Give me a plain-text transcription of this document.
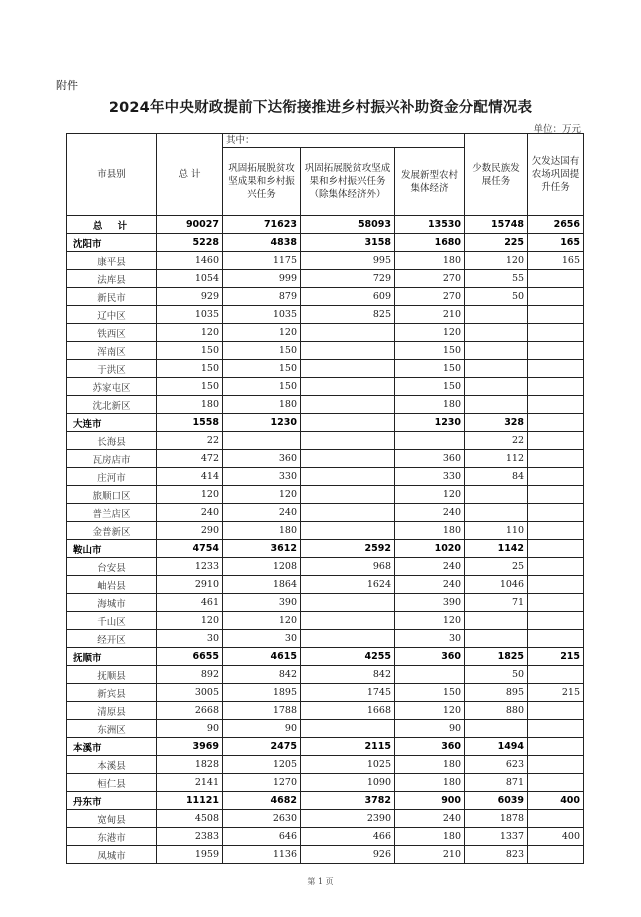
附件
2024年中央财政提前下达衔接推进乡村振兴补助资金分配情况表
单位：万元
市县别	总 计	其中：			少数民族发展任务	欠发达国有农场巩固提升任务
		巩固拓展脱贫攻坚成果和乡村振兴任务	巩固拓展脱贫攻坚成果和乡村振兴任务（除集体经济外）	发展新型农村集体经济		
总 计	90027	71623	58093	13530	15748	2656
沈阳市	5228	4838	3158	1680	225	165
康平县	1460	1175	995	180	120	165
法库县	1054	999	729	270	55	
新民市	929	879	609	270	50	
辽中区	1035	1035	825	210		
铁西区	120	120		120		
浑南区	150	150		150		
于洪区	150	150		150		
苏家屯区	150	150		150		
沈北新区	180	180		180		
大连市	1558	1230		1230	328	
长海县	22				22	
瓦房店市	472	360		360	112	
庄河市	414	330		330	84	
旅顺口区	120	120		120		
普兰店区	240	240		240		
金普新区	290	180		180	110	
鞍山市	4754	3612	2592	1020	1142	
台安县	1233	1208	968	240	25	
岫岩县	2910	1864	1624	240	1046	
海城市	461	390		390	71	
千山区	120	120		120		
经开区	30	30		30		
抚顺市	6655	4615	4255	360	1825	215
抚顺县	892	842	842		50	
新宾县	3005	1895	1745	150	895	215
清原县	2668	1788	1668	120	880	
东洲区	90	90		90		
本溪市	3969	2475	2115	360	1494	
本溪县	1828	1205	1025	180	623	
桓仁县	2141	1270	1090	180	871	
丹东市	11121	4682	3782	900	6039	400
宽甸县	4508	2630	2390	240	1878	
东港市	2383	646	466	180	1337	400
凤城市	1959	1136	926	210	823	
第 1 页
